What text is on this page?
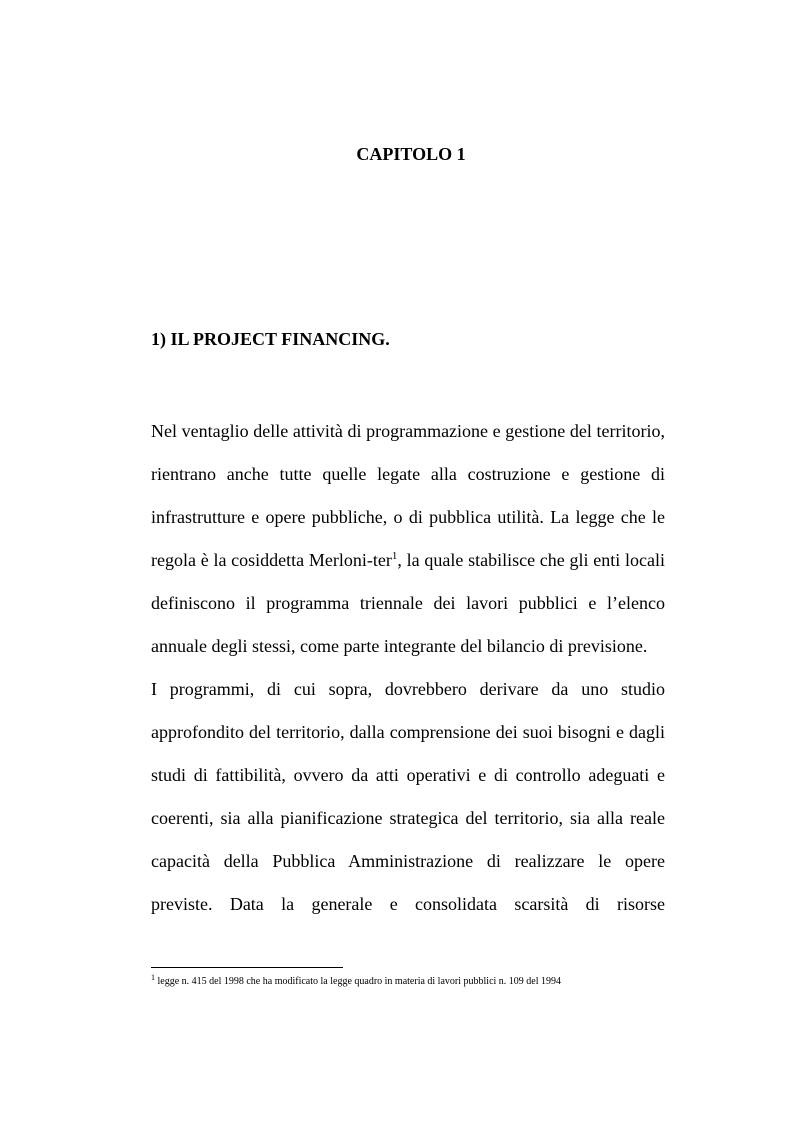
CAPITOLO 1
1) IL PROJECT FINANCING.

Nel ventaglio delle attività di programmazione e gestione del territorio, rientrano anche tutte quelle legate alla costruzione e gestione di infrastrutture e opere pubbliche, o di pubblica utilità. La legge che le regola è la cosiddetta Merloni-ter$^1$, la quale stabilisce che gli enti locali definiscono il programma triennale dei lavori pubblici e l’elenco annuale degli stessi, come parte integrante del bilancio di previsione.

I programmi, di cui sopra, dovrebbero derivare da uno studio approfondito del territorio, dalla comprensione dei suoi bisogni e dagli studi di fattibilità, ovvero da atti operativi e di controllo adeguati e coerenti, sia alla pianificazione strategica del territorio, sia alla reale capacità della Pubblica Amministrazione di realizzare le opere previste. Data la generale e consolidata scarsità di risorse

$^1$ legge n. 415 del 1998 che ha modificato la legge quadro in materia di lavori pubblici n. 109 del 1994
